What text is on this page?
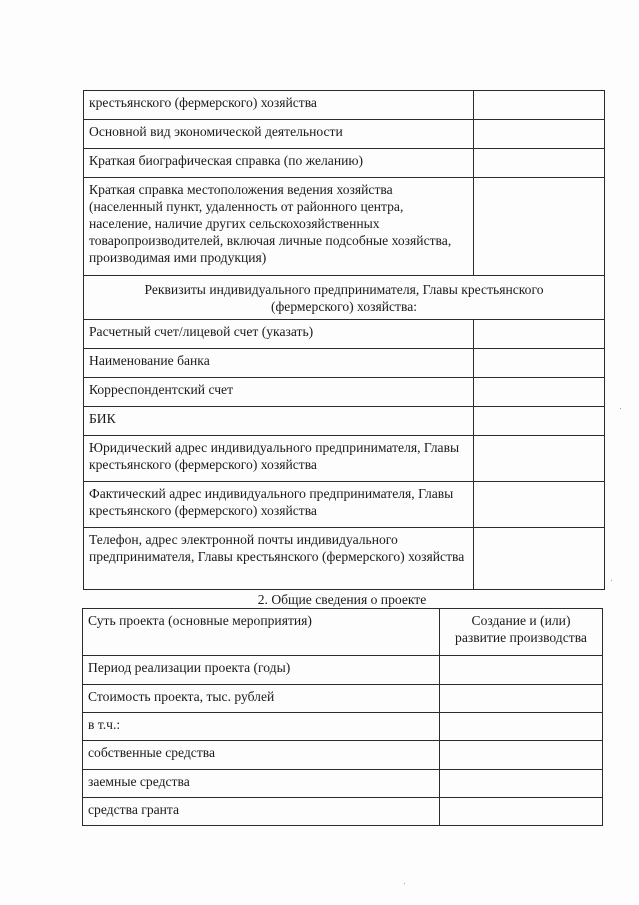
крестьянского (фермерского) хозяйства	
Основной вид экономической деятельности	
Краткая биографическая справка (по желанию)	
Краткая справка местоположения ведения хозяйства (населенный пункт, удаленность от районного центра, население, наличие других сельскохозяйственных товаропроизводителей, включая личные подсобные хозяйства, производимая ими продукция)	
Реквизиты индивидуального предпринимателя, Главы крестьянского (фермерского) хозяйства:	
Расчетный счет/лицевой счет (указать)	
Наименование банка	
Корреспондентский счет	
БИК	
Юридический адрес индивидуального предпринимателя, Главы крестьянского (фермерского) хозяйства	
Фактический адрес индивидуального предпринимателя, Главы крестьянского (фермерского) хозяйства	
Телефон, адрес электронной почты индивидуального предпринимателя, Главы крестьянского (фермерского) хозяйства	
2. Общие сведения о проекте
Суть проекта (основные мероприятия)	Создание и (или) развитие производства
Период реализации проекта (годы)	
Стоимость проекта, тыс. рублей	
в т.ч.:	
собственные средства	
заемные средства	
средства гранта	
